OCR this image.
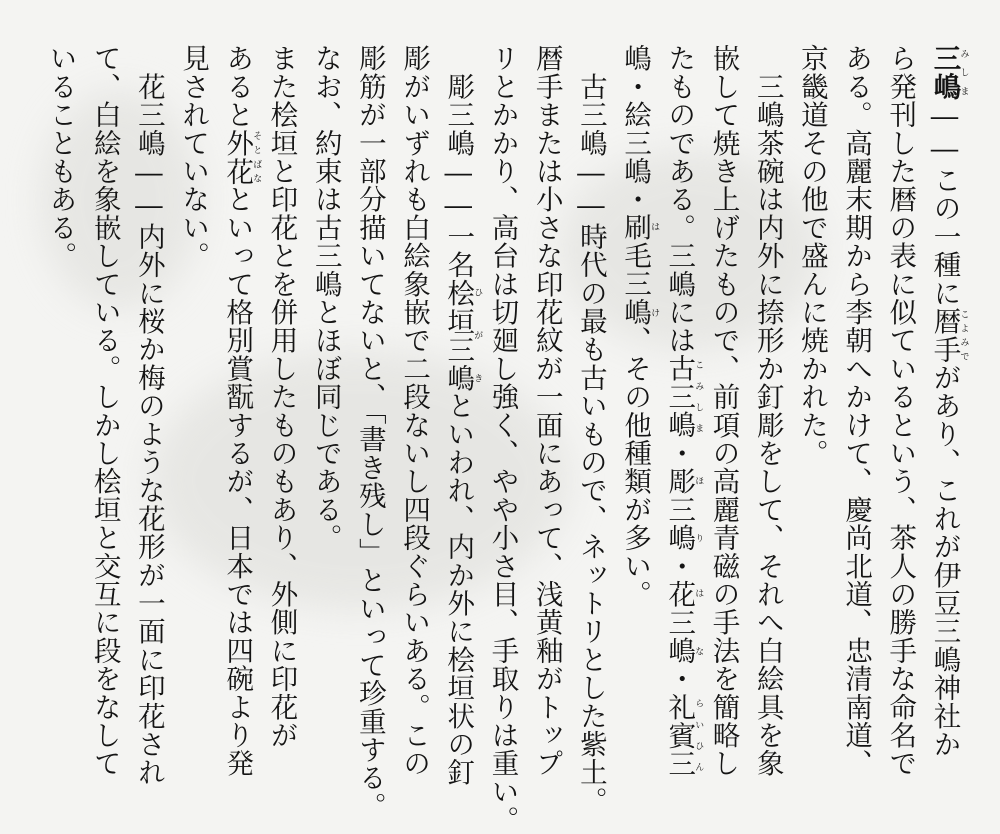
三嶋みしま――この一種に暦手こよみでがあり、これが伊豆三嶋神社か
ら発刊した暦の表に似ているという、茶人の勝手な命名で
ある。高麗末期から李朝へかけて、慶尚北道、忠清南道、
京畿道その他で盛んに焼かれた。
　三嶋茶碗は内外に捺形か釘彫をして、それへ白絵具を象
嵌して焼き上げたもので、前項の高麗青磁の手法を簡略し
たものである。三嶋には古三嶋こみしま・彫三嶋ほり・花三嶋はな・礼賓三らいひん
嶋・絵三嶋・刷毛三嶋はけ、その他種類が多い。
　古三嶋――時代の最も古いもので、ネットリとした紫土。
暦手または小さな印花紋が一面にあって、浅黄釉がトップ
リとかかり、高台は切廻し強く、やや小さ目、手取りは重い。
　彫三嶋――一名桧垣三嶋ひがきといわれ、内か外に桧垣状の釘
彫がいずれも白絵象嵌で二段ないし四段ぐらいある。この
彫筋が一部分描いてないと、「書き残し」といって珍重する。
なお、約束は古三嶋とほぼ同じである。
また桧垣と印花とを併用したものもあり、外側に印花が
あると外花そとばなといって格別賞翫するが、日本では四碗より発
見されていない。
　花三嶋――内外に桜か梅のような花形が一面に印花され
て、白絵を象嵌している。しかし桧垣と交互に段をなして
いることもある。
